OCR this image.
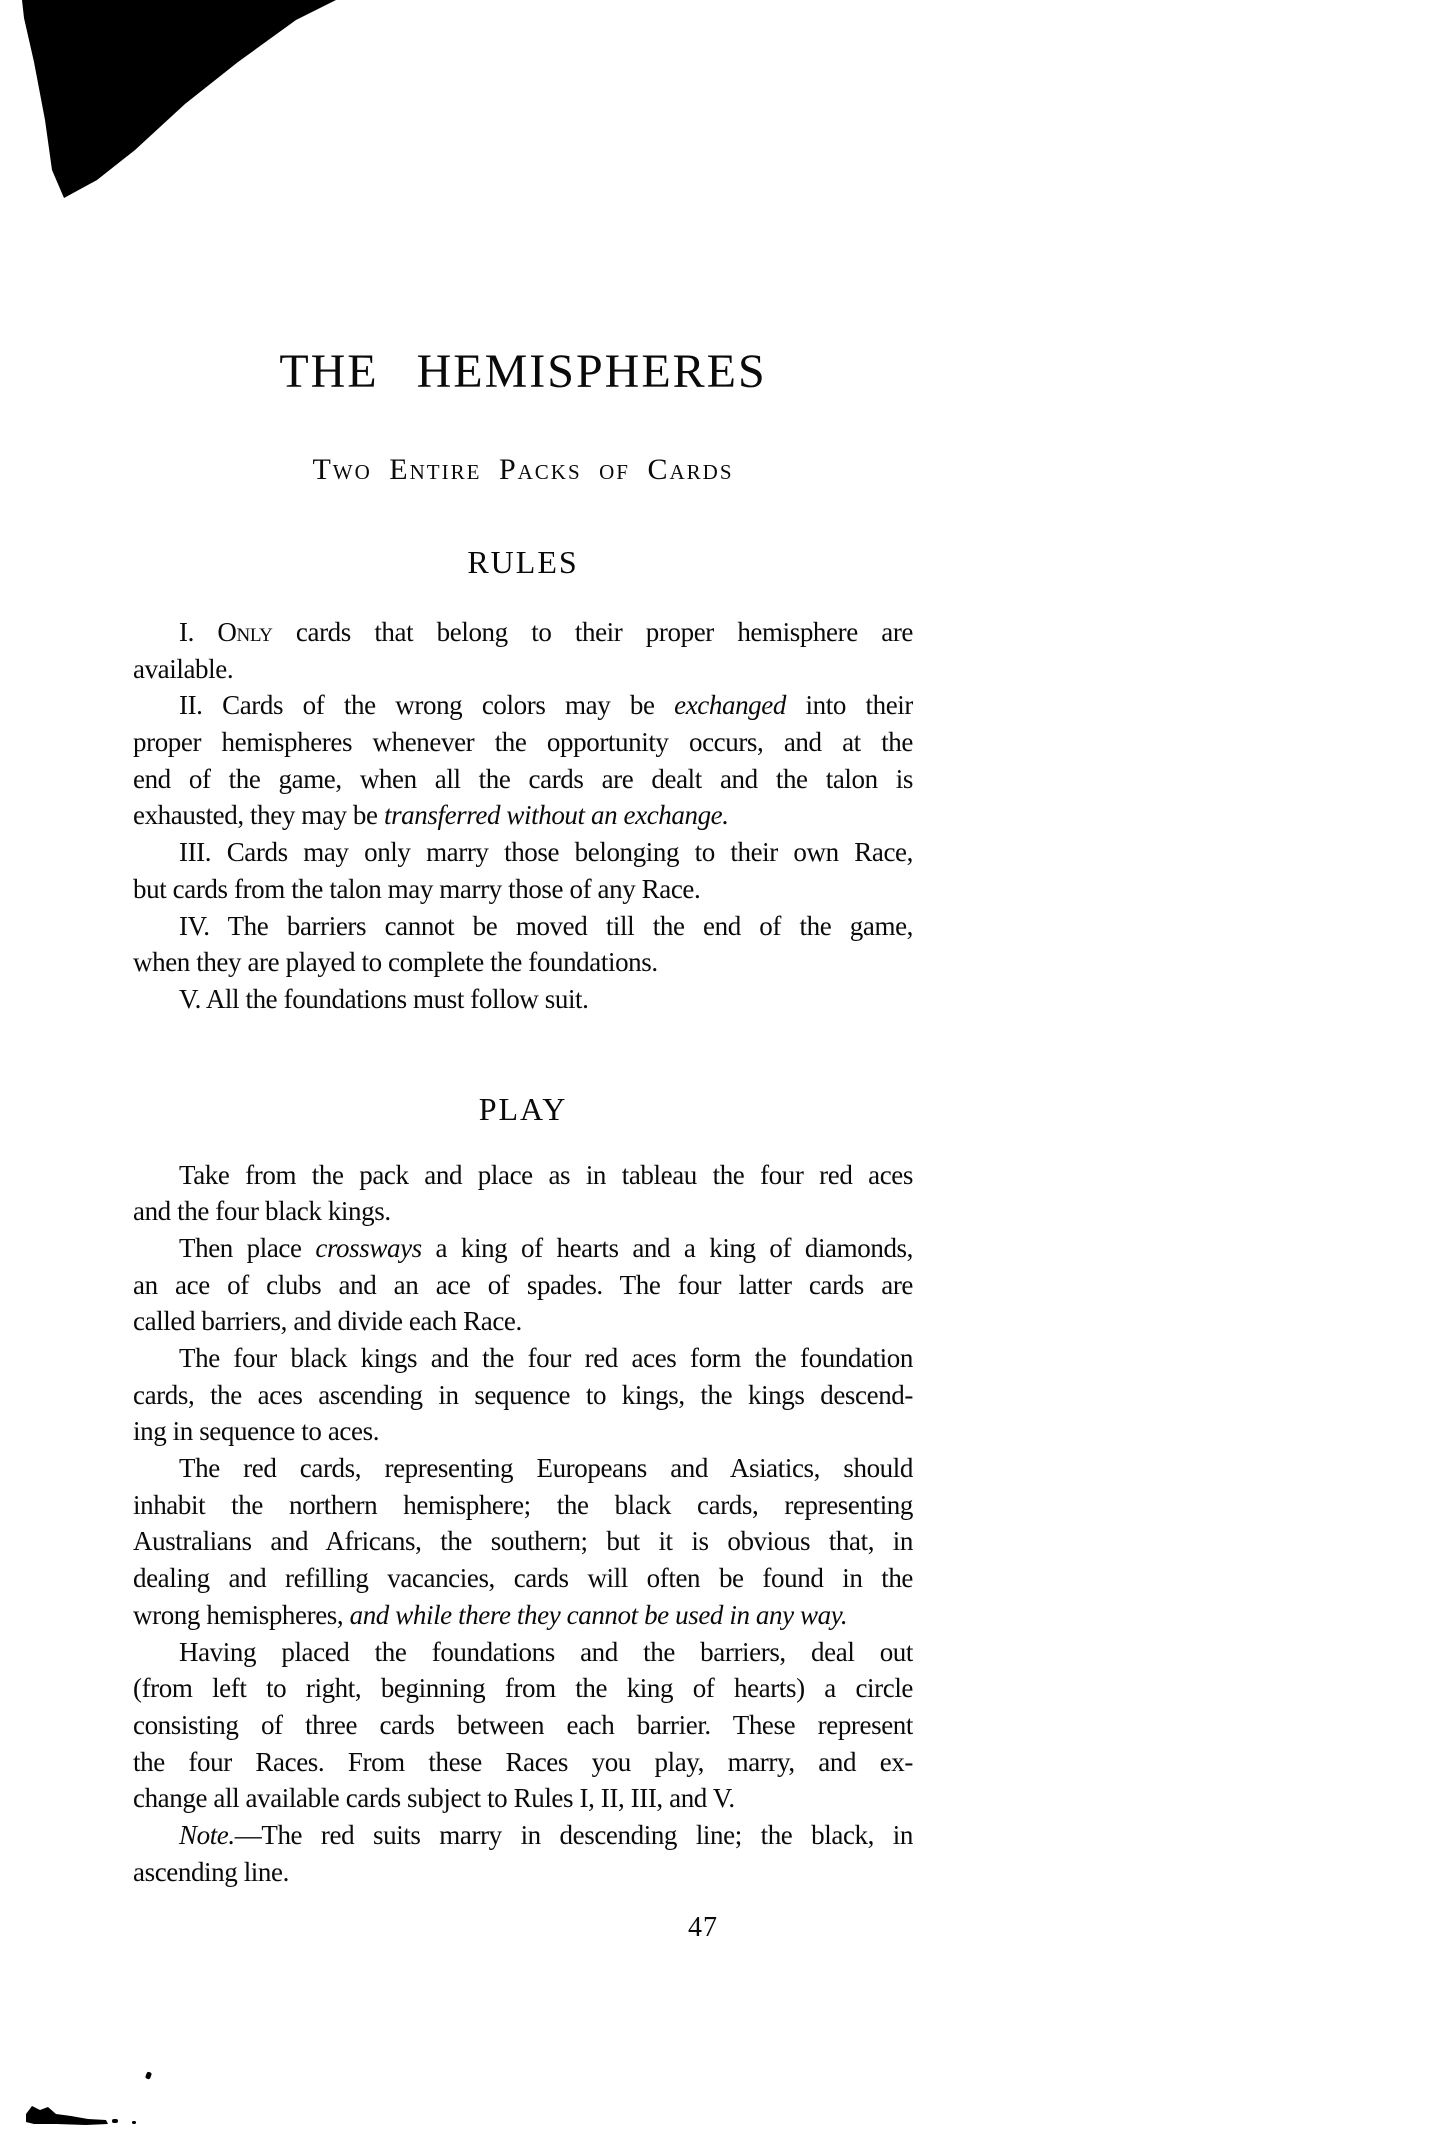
THE HEMISPHERES
Two Entire Packs of Cards
RULES
I. Only cards that belong to their proper hemisphere are
available.
II. Cards of the wrong colors may be exchanged into their
proper hemispheres whenever the opportunity occurs, and at the
end of the game, when all the cards are dealt and the talon is
exhausted, they may be transferred without an exchange.
III. Cards may only marry those belonging to their own Race,
but cards from the talon may marry those of any Race.
IV. The barriers cannot be moved till the end of the game,
when they are played to complete the foundations.
V. All the foundations must follow suit.
PLAY
Take from the pack and place as in tableau the four red aces
and the four black kings.
Then place crossways a king of hearts and a king of diamonds,
an ace of clubs and an ace of spades. The four latter cards are
called barriers, and divide each Race.
The four black kings and the four red aces form the foundation
cards, the aces ascending in sequence to kings, the kings descend-
ing in sequence to aces.
The red cards, representing Europeans and Asiatics, should
inhabit the northern hemisphere; the black cards, representing
Australians and Africans, the southern; but it is obvious that, in
dealing and refilling vacancies, cards will often be found in the
wrong hemispheres, and while there they cannot be used in any way.
Having placed the foundations and the barriers, deal out
(from left to right, beginning from the king of hearts) a circle
consisting of three cards between each barrier. These represent
the four Races. From these Races you play, marry, and ex-
change all available cards subject to Rules I, II, III, and V.
Note.—The red suits marry in descending line; the black, in
ascending line.
47
